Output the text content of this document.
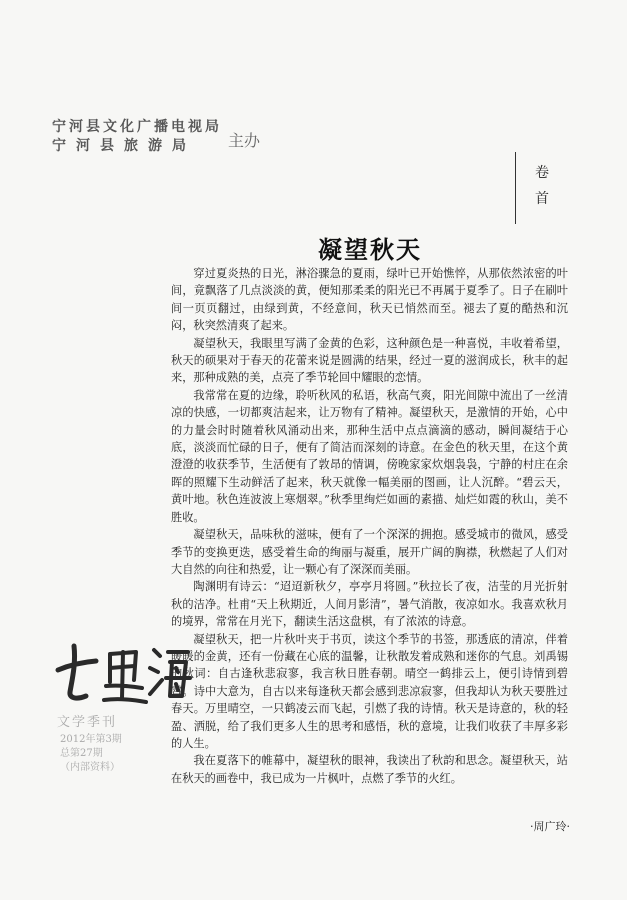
宁河县文化广播电视局
宁河县旅游局	主办
卷
首
凝望秋天

穿过夏炎热的日光，淋浴骤急的夏雨，绿叶已开始憔悴，从那依然浓密的叶间，竟飘落了几点淡淡的黄，便知那柔柔的阳光已不再属于夏季了。日子在刷叶间一页页翻过，由绿到黄，不经意间，秋天已悄然而至。褪去了夏的酷热和沉闷，秋突然清爽了起来。

凝望秋天，我眼里写满了金黄的色彩，这种颜色是一种喜悦，丰收着希望，秋天的硕果对于春天的花蕾来说是圆满的结果，经过一夏的滋润成长，秋丰的起来，那种成熟的美，点亮了季节轮回中耀眼的恋情。

我常常在夏的边缘，聆听秋风的私语，秋高气爽，阳光间隙中流出了一丝清凉的快感，一切都爽洁起来，让万物有了精神。凝望秋天，是激情的开始，心中的力量会时时随着秋风涌动出来，那种生活中点点滴滴的感动，瞬间凝结于心底，淡淡而忙碌的日子，便有了简洁而深刻的诗意。在金色的秋天里，在这个黄澄澄的收获季节，生活便有了敦昂的情调，傍晚家家炊烟袅袅，宁静的村庄在余晖的照耀下生动鲜活了起来，秋天就像一幅美丽的图画，让人沉醉。“碧云天，黄叶地。秋色连波波上寒烟翠。”秋季里绚烂如画的素描、灿烂如霞的秋山，美不胜收。

凝望秋天，品味秋的滋味，便有了一个深深的拥抱。感受城市的微风，感受季节的变换更迭，感受着生命的绚丽与凝重，展开广阔的胸襟，秋燃起了人们对大自然的向往和热爱，让一颗心有了深深而美丽。

陶渊明有诗云：“迢迢新秋夕，亭亭月将圆。”秋拉长了夜，洁莹的月光折射秋的洁净。杜甫“天上秋期近，人间月影清”，暑气消散，夜凉如水。我喜欢秋月的境界，常常在月光下，翻读生活这盘棋，有了浓浓的诗意。

凝望秋天，把一片秋叶夹于书页，读这个季节的书签，那透底的清凉，伴着暖暖的金黄，还有一份藏在心底的温馨，让秋散发着成熟和迷你的气息。刘禹锡的秋词：自古逢秋悲寂寥，我言秋日胜春朝。晴空一鹤排云上，便引诗情到碧霄。诗中大意为，自古以来每逢秋天都会感到悲凉寂寥，但我却认为秋天要胜过春天。万里晴空，一只鹤凌云而飞起，引燃了我的诗情。秋天是诗意的，秋的轻盈、洒脱，给了我们更多人生的思考和感悟，秋的意境，让我们收获了丰厚多彩的人生。

我在夏落下的帷幕中，凝望秋的眼神，我读出了秋韵和思念。凝望秋天，站在秋天的画卷中，我已成为一片枫叶，点燃了季节的火红。

·周广玲·
文学季刊
2012年第3期
总第27期
（内部资料）
